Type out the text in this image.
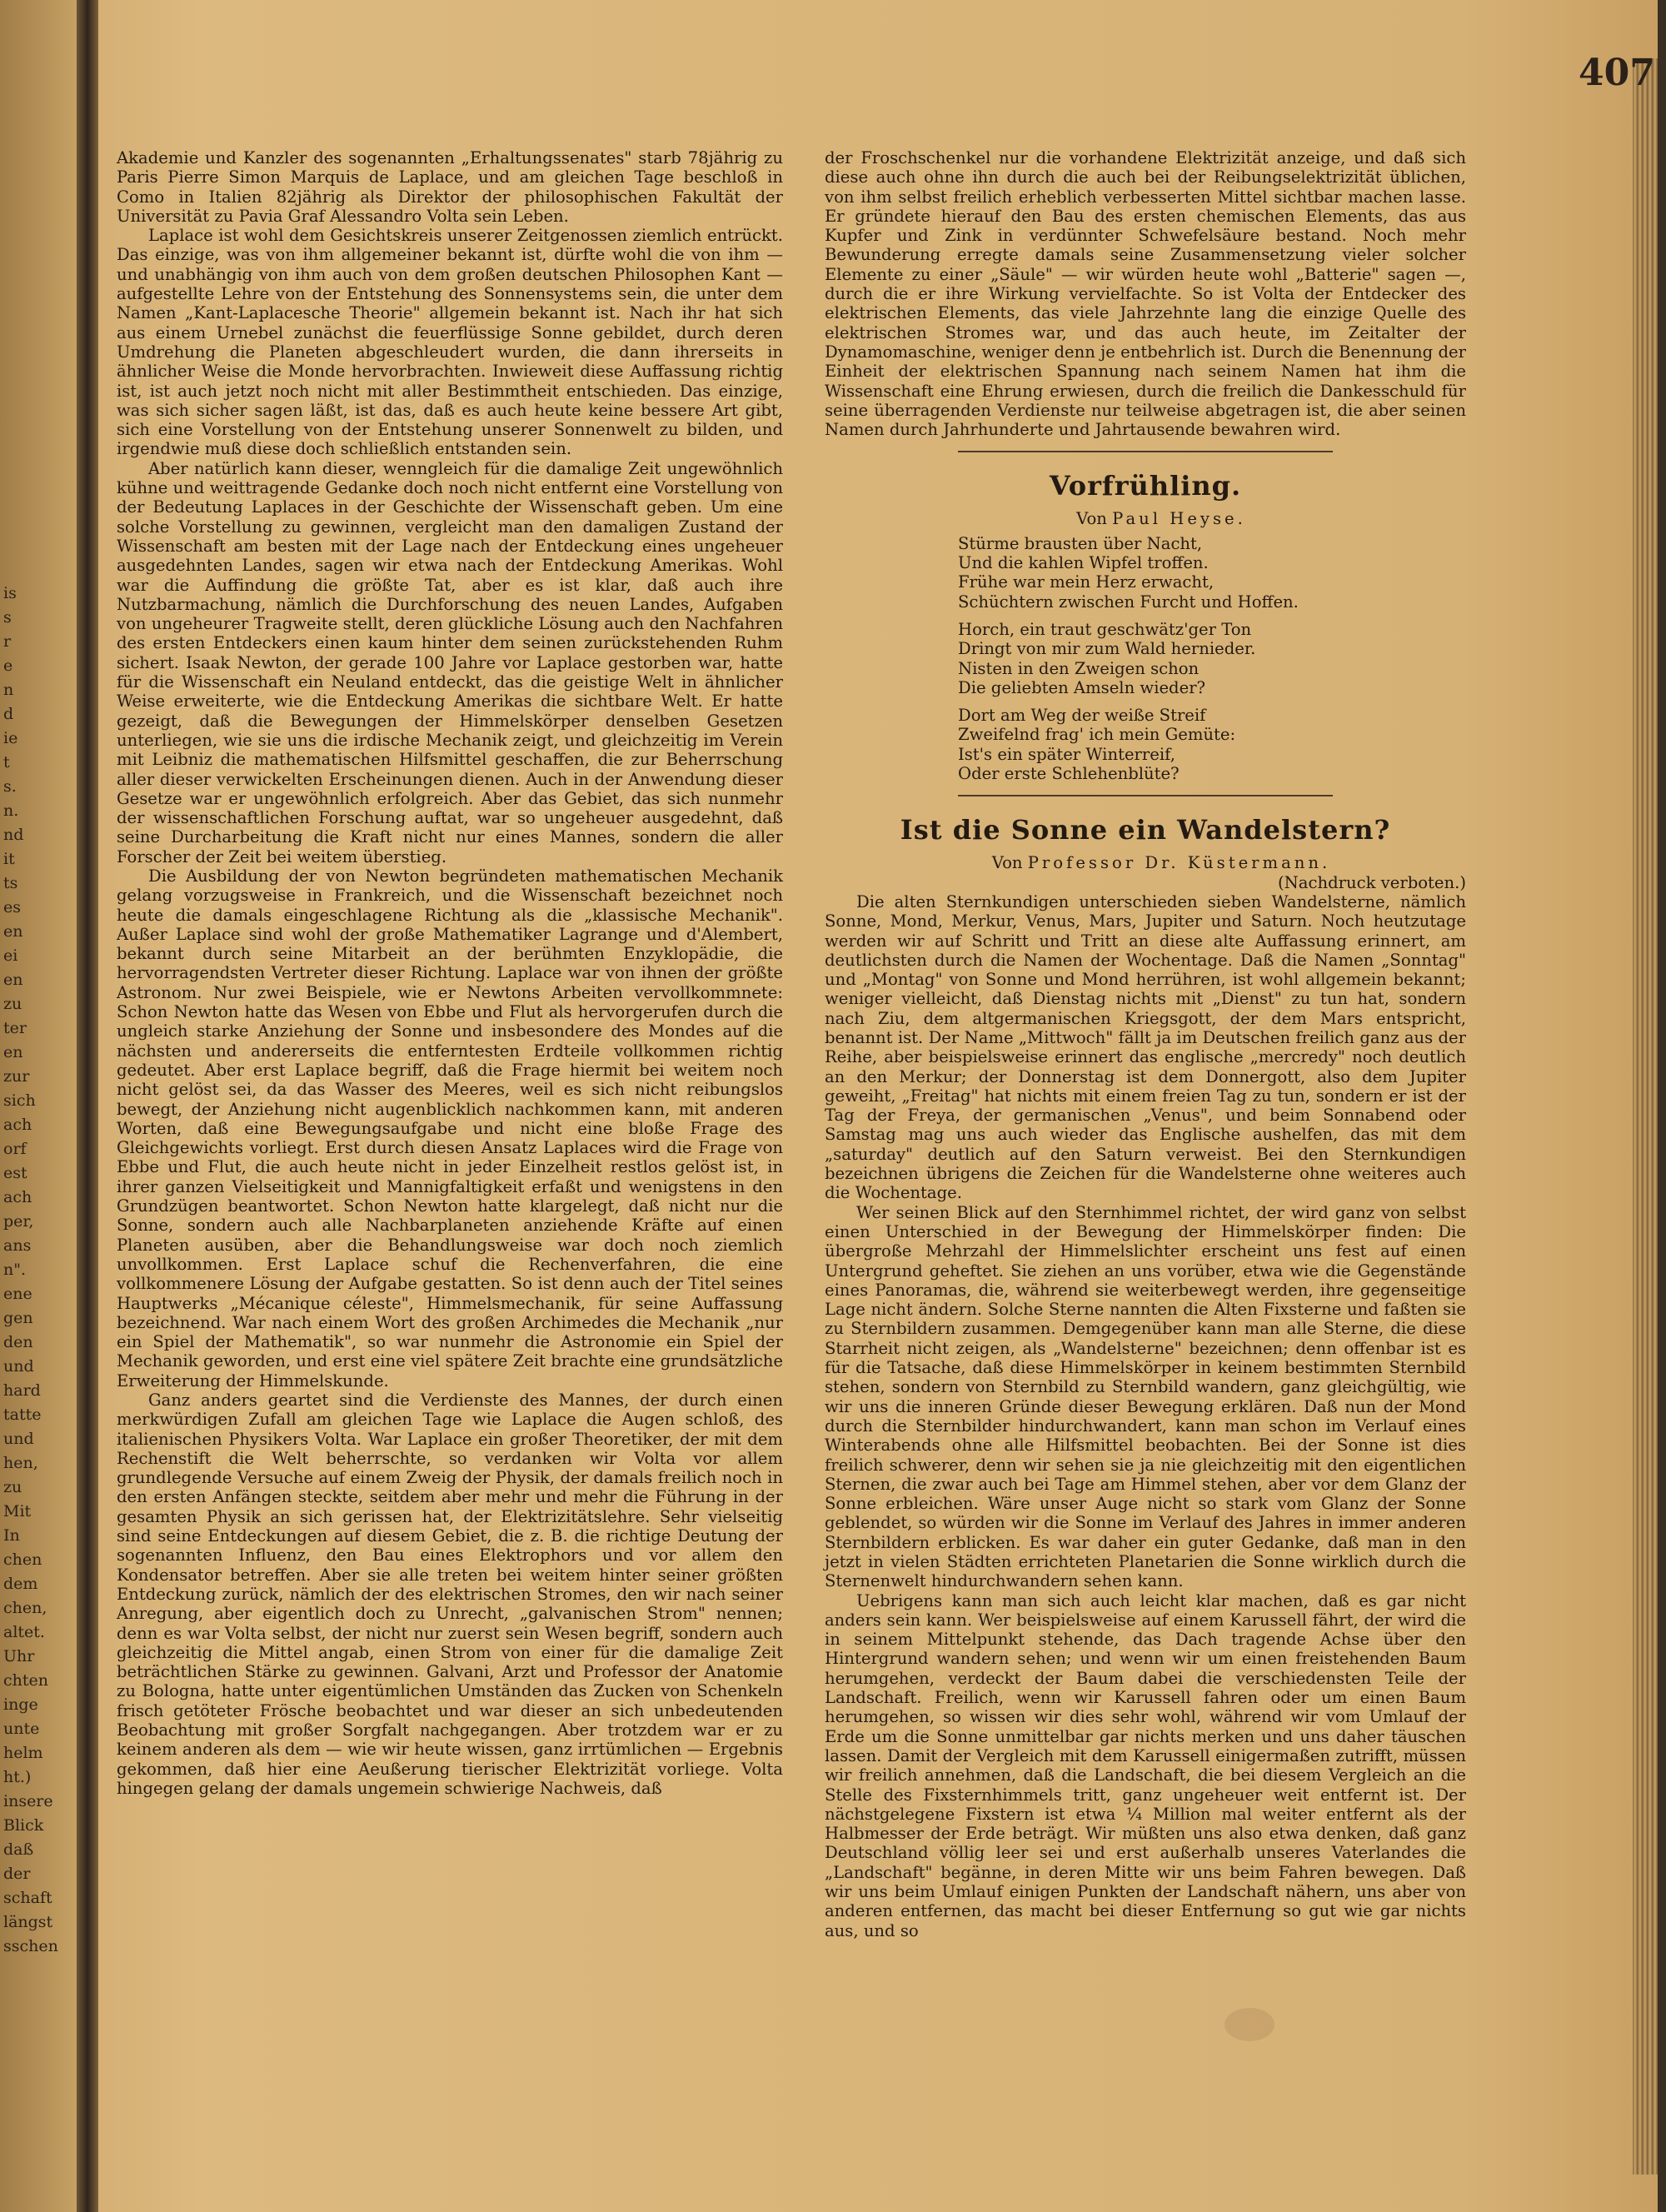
is
s
r
e
n
d
ie
t
s.
n.
nd
it
ts
es
en
ei
en
zu
ter
en
zur
sich
ach
orf
est
ach
per,
ans
n".
ene
gen
den
und
hard
tatte
und
hen,
zu
Mit
In
chen
dem
chen,
altet.
Uhr
chten
inge
unte
helm
ht.)
insere
Blick
daß
der
schaft
längst
sschen
407

Akademie und Kanzler des sogenannten „Erhaltungssenates" starb 78jährig zu Paris Pierre Simon Marquis de Laplace, und am gleichen Tage beschloß in Como in Italien 82jährig als Direktor der philosophischen Fakultät der Universität zu Pavia Graf Alessandro Volta sein Leben.

Laplace ist wohl dem Gesichtskreis unserer Zeitgenossen ziemlich entrückt. Das einzige, was von ihm allgemeiner bekannt ist, dürfte wohl die von ihm — und unabhängig von ihm auch von dem großen deutschen Philosophen Kant — aufgestellte Lehre von der Entstehung des Sonnensystems sein, die unter dem Namen „Kant-Laplacesche Theorie" allgemein bekannt ist. Nach ihr hat sich aus einem Urnebel zunächst die feuerflüssige Sonne gebildet, durch deren Umdrehung die Planeten abgeschleudert wurden, die dann ihrerseits in ähnlicher Weise die Monde hervorbrachten. Inwieweit diese Auffassung richtig ist, ist auch jetzt noch nicht mit aller Bestimmtheit entschieden. Das einzige, was sich sicher sagen läßt, ist das, daß es auch heute keine bessere Art gibt, sich eine Vorstellung von der Entstehung unserer Sonnenwelt zu bilden, und irgendwie muß diese doch schließlich entstanden sein.

Aber natürlich kann dieser, wenngleich für die damalige Zeit ungewöhnlich kühne und weittragende Gedanke doch noch nicht entfernt eine Vorstellung von der Bedeutung Laplaces in der Geschichte der Wissenschaft geben. Um eine solche Vorstellung zu gewinnen, vergleicht man den damaligen Zustand der Wissenschaft am besten mit der Lage nach der Entdeckung eines ungeheuer ausgedehnten Landes, sagen wir etwa nach der Entdeckung Amerikas. Wohl war die Auffindung die größte Tat, aber es ist klar, daß auch ihre Nutzbarmachung, nämlich die Durchforschung des neuen Landes, Aufgaben von ungeheurer Tragweite stellt, deren glückliche Lösung auch den Nachfahren des ersten Entdeckers einen kaum hinter dem seinen zurückstehenden Ruhm sichert. Isaak Newton, der gerade 100 Jahre vor Laplace gestorben war, hatte für die Wissenschaft ein Neuland entdeckt, das die geistige Welt in ähnlicher Weise erweiterte, wie die Entdeckung Amerikas die sichtbare Welt. Er hatte gezeigt, daß die Bewegungen der Himmelskörper denselben Gesetzen unterliegen, wie sie uns die irdische Mechanik zeigt, und gleichzeitig im Verein mit Leibniz die mathematischen Hilfsmittel geschaffen, die zur Beherrschung aller dieser verwickelten Erscheinungen dienen. Auch in der Anwendung dieser Gesetze war er ungewöhnlich erfolgreich. Aber das Gebiet, das sich nunmehr der wissenschaftlichen Forschung auftat, war so ungeheuer ausgedehnt, daß seine Durcharbeitung die Kraft nicht nur eines Mannes, sondern die aller Forscher der Zeit bei weitem überstieg.

Die Ausbildung der von Newton begründeten mathematischen Mechanik gelang vorzugsweise in Frankreich, und die Wissenschaft bezeichnet noch heute die damals eingeschlagene Richtung als die „klassische Mechanik". Außer Laplace sind wohl der große Mathematiker Lagrange und d'Alembert, bekannt durch seine Mitarbeit an der berühmten Enzyklopädie, die hervorragendsten Vertreter dieser Richtung. Laplace war von ihnen der größte Astronom. Nur zwei Beispiele, wie er Newtons Arbeiten vervollkommnete: Schon Newton hatte das Wesen von Ebbe und Flut als hervorgerufen durch die ungleich starke Anziehung der Sonne und insbesondere des Mondes auf die nächsten und andererseits die entferntesten Erdteile vollkommen richtig gedeutet. Aber erst Laplace begriff, daß die Frage hiermit bei weitem noch nicht gelöst sei, da das Wasser des Meeres, weil es sich nicht reibungslos bewegt, der Anziehung nicht augenblicklich nachkommen kann, mit anderen Worten, daß eine Bewegungsaufgabe und nicht eine bloße Frage des Gleichgewichts vorliegt. Erst durch diesen Ansatz Laplaces wird die Frage von Ebbe und Flut, die auch heute nicht in jeder Einzelheit restlos gelöst ist, in ihrer ganzen Vielseitigkeit und Mannigfaltigkeit erfaßt und wenigstens in den Grundzügen beantwortet. Schon Newton hatte klargelegt, daß nicht nur die Sonne, sondern auch alle Nachbarplaneten anziehende Kräfte auf einen Planeten ausüben, aber die Behandlungsweise war doch noch ziemlich unvollkommen. Erst Laplace schuf die Rechenverfahren, die eine vollkommenere Lösung der Aufgabe gestatten. So ist denn auch der Titel seines Hauptwerks „Mécanique céleste", Himmelsmechanik, für seine Auffassung bezeichnend. War nach einem Wort des großen Archimedes die Mechanik „nur ein Spiel der Mathematik", so war nunmehr die Astronomie ein Spiel der Mechanik geworden, und erst eine viel spätere Zeit brachte eine grundsätzliche Erweiterung der Himmelskunde.

Ganz anders geartet sind die Verdienste des Mannes, der durch einen merkwürdigen Zufall am gleichen Tage wie Laplace die Augen schloß, des italienischen Physikers Volta. War Laplace ein großer Theoretiker, der mit dem Rechenstift die Welt beherrschte, so verdanken wir Volta vor allem grundlegende Versuche auf einem Zweig der Physik, der damals freilich noch in den ersten Anfängen steckte, seitdem aber mehr und mehr die Führung in der gesamten Physik an sich gerissen hat, der Elektrizitätslehre. Sehr vielseitig sind seine Entdeckungen auf diesem Gebiet, die z. B. die richtige Deutung der sogenannten Influenz, den Bau eines Elektrophors und vor allem den Kondensator betreffen. Aber sie alle treten bei weitem hinter seiner größten Entdeckung zurück, nämlich der des elektrischen Stromes, den wir nach seiner Anregung, aber eigentlich doch zu Unrecht, „galvanischen Strom" nennen; denn es war Volta selbst, der nicht nur zuerst sein Wesen begriff, sondern auch gleichzeitig die Mittel angab, einen Strom von einer für die damalige Zeit beträchtlichen Stärke zu gewinnen. Galvani, Arzt und Professor der Anatomie zu Bologna, hatte unter eigentümlichen Umständen das Zucken von Schenkeln frisch getöteter Frösche beobachtet und war dieser an sich unbedeutenden Beobachtung mit großer Sorgfalt nachgegangen. Aber trotzdem war er zu keinem anderen als dem — wie wir heute wissen, ganz irrtümlichen — Ergebnis gekommen, daß hier eine Aeußerung tierischer Elektrizität vorliege. Volta hingegen gelang der damals ungemein schwierige Nachweis, daß

der Froschschenkel nur die vorhandene Elektrizität anzeige, und daß sich diese auch ohne ihn durch die auch bei der Reibungselektrizität üblichen, von ihm selbst freilich erheblich verbesserten Mittel sichtbar machen lasse. Er gründete hierauf den Bau des ersten chemischen Elements, das aus Kupfer und Zink in verdünnter Schwefelsäure bestand. Noch mehr Bewunderung erregte damals seine Zusammensetzung vieler solcher Elemente zu einer „Säule" — wir würden heute wohl „Batterie" sagen —, durch die er ihre Wirkung vervielfachte. So ist Volta der Entdecker des elektrischen Elements, das viele Jahrzehnte lang die einzige Quelle des elektrischen Stromes war, und das auch heute, im Zeitalter der Dynamomaschine, weniger denn je entbehrlich ist. Durch die Benennung der Einheit der elektrischen Spannung nach seinem Namen hat ihm die Wissenschaft eine Ehrung erwiesen, durch die freilich die Dankesschuld für seine überragenden Verdienste nur teilweise abgetragen ist, die aber seinen Namen durch Jahrhunderte und Jahrtausende bewahren wird.

Vorfrühling.

Von Paul Heyse.

Stürme brausten über Nacht,
Und die kahlen Wipfel troffen.
Frühe war mein Herz erwacht,
Schüchtern zwischen Furcht und Hoffen.
Horch, ein traut geschwätz'ger Ton
Dringt von mir zum Wald hernieder.
Nisten in den Zweigen schon
Die geliebten Amseln wieder?
Dort am Weg der weiße Streif
Zweifelnd frag' ich mein Gemüte:
Ist's ein später Winterreif,
Oder erste Schlehenblüte?
Ist die Sonne ein Wandelstern?

Von Professor Dr. Küstermann.

(Nachdruck verboten.)

Die alten Sternkundigen unterschieden sieben Wandelsterne, nämlich Sonne, Mond, Merkur, Venus, Mars, Jupiter und Saturn. Noch heutzutage werden wir auf Schritt und Tritt an diese alte Auffassung erinnert, am deutlichsten durch die Namen der Wochentage. Daß die Namen „Sonntag" und „Montag" von Sonne und Mond herrühren, ist wohl allgemein bekannt; weniger vielleicht, daß Dienstag nichts mit „Dienst" zu tun hat, sondern nach Ziu, dem altgermanischen Kriegsgott, der dem Mars entspricht, benannt ist. Der Name „Mittwoch" fällt ja im Deutschen freilich ganz aus der Reihe, aber beispielsweise erinnert das englische „mercredy" noch deutlich an den Merkur; der Donnerstag ist dem Donnergott, also dem Jupiter geweiht, „Freitag" hat nichts mit einem freien Tag zu tun, sondern er ist der Tag der Freya, der germanischen „Venus", und beim Sonnabend oder Samstag mag uns auch wieder das Englische aushelfen, das mit dem „saturday" deutlich auf den Saturn verweist. Bei den Sternkundigen bezeichnen übrigens die Zeichen für die Wandelsterne ohne weiteres auch die Wochentage.

Wer seinen Blick auf den Sternhimmel richtet, der wird ganz von selbst einen Unterschied in der Bewegung der Himmelskörper finden: Die übergroße Mehrzahl der Himmelslichter erscheint uns fest auf einen Untergrund geheftet. Sie ziehen an uns vorüber, etwa wie die Gegenstände eines Panoramas, die, während sie weiterbewegt werden, ihre gegenseitige Lage nicht ändern. Solche Sterne nannten die Alten Fixsterne und faßten sie zu Sternbildern zusammen. Demgegenüber kann man alle Sterne, die diese Starrheit nicht zeigen, als „Wandelsterne" bezeichnen; denn offenbar ist es für die Tatsache, daß diese Himmelskörper in keinem bestimmten Sternbild stehen, sondern von Sternbild zu Sternbild wandern, ganz gleichgültig, wie wir uns die inneren Gründe dieser Bewegung erklären. Daß nun der Mond durch die Sternbilder hindurchwandert, kann man schon im Verlauf eines Winterabends ohne alle Hilfsmittel beobachten. Bei der Sonne ist dies freilich schwerer, denn wir sehen sie ja nie gleichzeitig mit den eigentlichen Sternen, die zwar auch bei Tage am Himmel stehen, aber vor dem Glanz der Sonne erbleichen. Wäre unser Auge nicht so stark vom Glanz der Sonne geblendet, so würden wir die Sonne im Verlauf des Jahres in immer anderen Sternbildern erblicken. Es war daher ein guter Gedanke, daß man in den jetzt in vielen Städten errichteten Planetarien die Sonne wirklich durch die Sternenwelt hindurchwandern sehen kann.

Uebrigens kann man sich auch leicht klar machen, daß es gar nicht anders sein kann. Wer beispielsweise auf einem Karussell fährt, der wird die in seinem Mittelpunkt stehende, das Dach tragende Achse über den Hintergrund wandern sehen; und wenn wir um einen freistehenden Baum herumgehen, verdeckt der Baum dabei die verschiedensten Teile der Landschaft. Freilich, wenn wir Karussell fahren oder um einen Baum herumgehen, so wissen wir dies sehr wohl, während wir vom Umlauf der Erde um die Sonne unmittelbar gar nichts merken und uns daher täuschen lassen. Damit der Vergleich mit dem Karussell einigermaßen zutrifft, müssen wir freilich annehmen, daß die Landschaft, die bei diesem Vergleich an die Stelle des Fixsternhimmels tritt, ganz ungeheuer weit entfernt ist. Der nächstgelegene Fixstern ist etwa ¼ Million mal weiter entfernt als der Halbmesser der Erde beträgt. Wir müßten uns also etwa denken, daß ganz Deutschland völlig leer sei und erst außerhalb unseres Vaterlandes die „Landschaft" begänne, in deren Mitte wir uns beim Fahren bewegen. Daß wir uns beim Umlauf einigen Punkten der Landschaft nähern, uns aber von anderen entfernen, das macht bei dieser Entfernung so gut wie gar nichts aus, und so
